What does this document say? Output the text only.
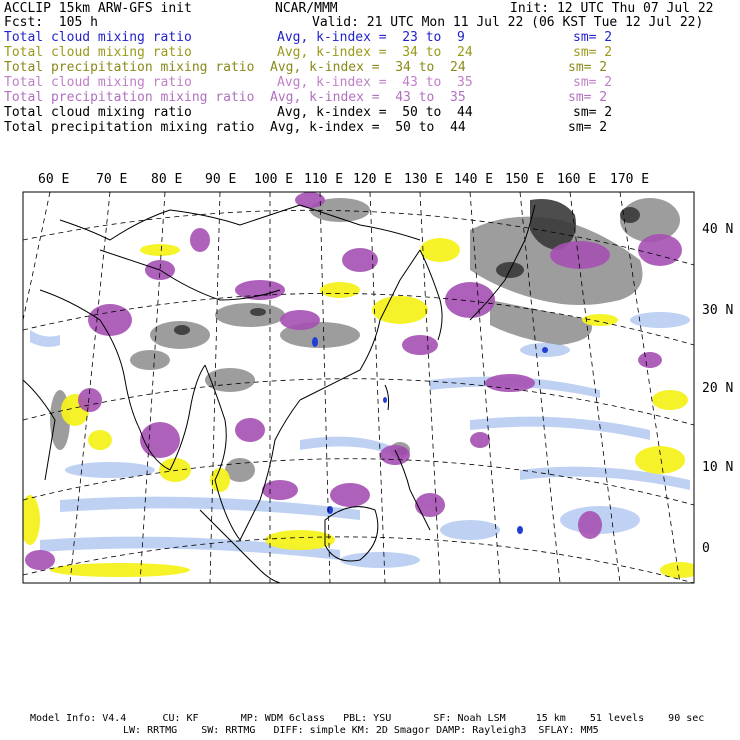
ACCLIP 15km ARW-GFS init	NCAR/MMM	Init: 12 UTC Thu 07 Jul 22
Fcst:  105 h	Valid: 21 UTC Mon 11 Jul 22 (06 KST Tue 12 Jul 22)
Total cloud mixing ratio	Avg, k-index =  23 to  9	sm= 2
Total cloud mixing ratio	Avg, k-index =  34 to  24	sm= 2
Total precipitation mixing ratio Avg, k-index =  34 to  24	sm= 2
Total cloud mixing ratio	Avg, k-index =  43 to  35	sm= 2
Total precipitation mixing ratio Avg, k-index =  43 to  35	sm= 2
Total cloud mixing ratio	Avg, k-index =  50 to  44	sm= 2
Total precipitation mixing ratio Avg, k-index =  50 to  44	sm= 2
60 E 70 E 80 E 90 E 100 E 110 E 120 E 130 E 140 E 150 E 160 E 170 E
40 N
30 N
20 N
10 N
0
Model Info: V4.4      CU: KF       MP: WDM 6class   PBL: YSU       SF: Noah LSM     15 km    51 levels    90 sec
LW: RRTMG    SW: RRTMG   DIFF: simple KM: 2D Smagor DAMP: Rayleigh3  SFLAY: MM5
